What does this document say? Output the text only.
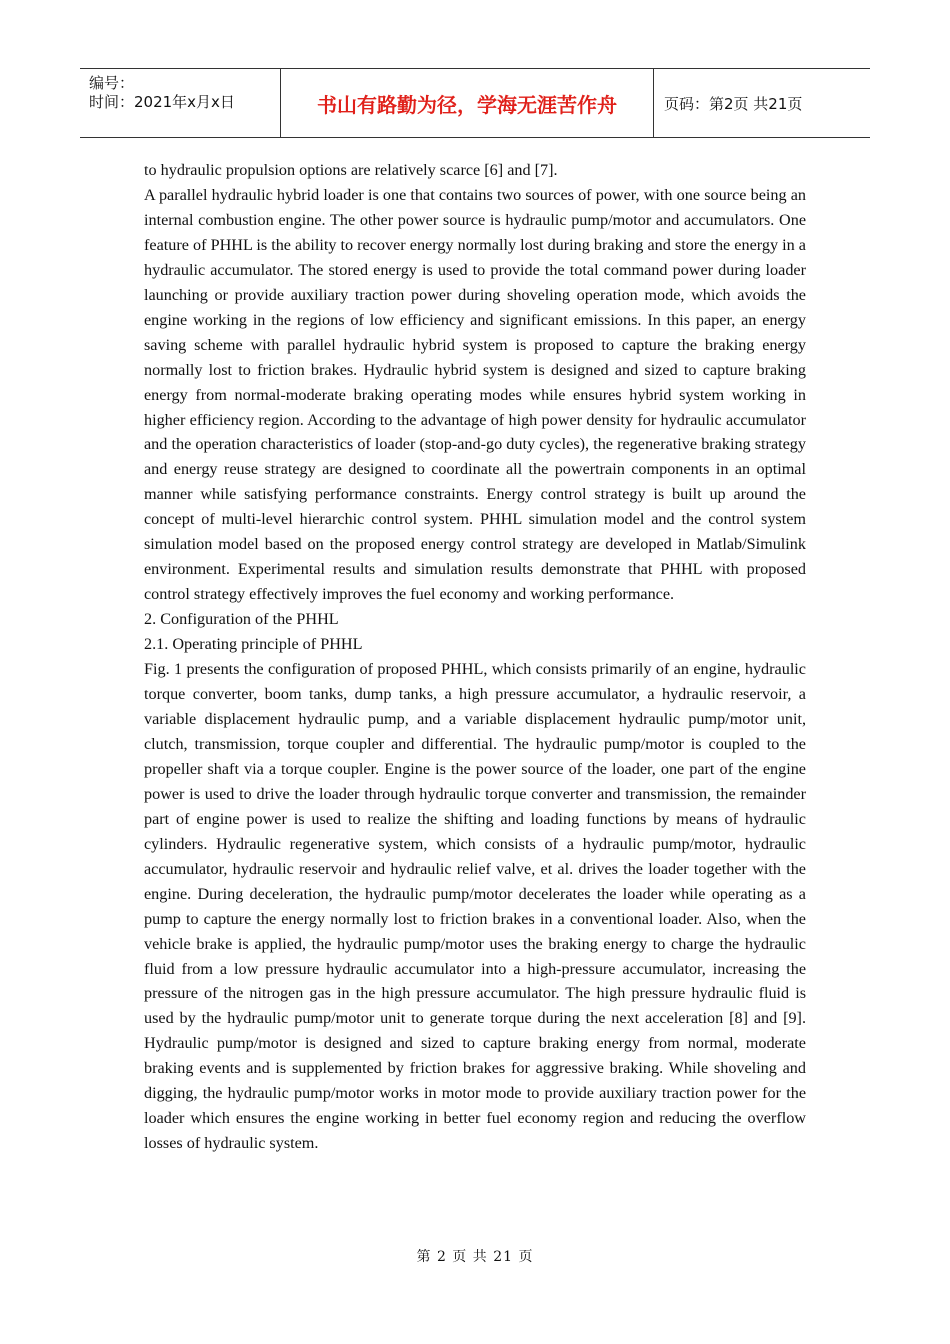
编号：
时间：2021年x月x日	书山有路勤为径，学海无涯苦作舟	页码：第2页 共21页

to hydraulic propulsion options are relatively scarce [6] and [7].

A parallel hydraulic hybrid loader is one that contains two sources of power, with one source being an internal combustion engine. The other power source is hydraulic pump/motor and accumulators. One feature of PHHL is the ability to recover energy normally lost during braking and store the energy in a hydraulic accumulator. The stored energy is used to provide the total command power during loader launching or provide auxiliary traction power during shoveling operation mode, which avoids the engine working in the regions of low efficiency and significant emissions. In this paper, an energy saving scheme with parallel hydraulic hybrid system is proposed to capture the braking energy normally lost to friction brakes. Hydraulic hybrid system is designed and sized to capture braking energy from normal-moderate braking operating modes while ensures hybrid system working in higher efficiency region. According to the advantage of high power density for hydraulic accumulator and the operation characteristics of loader (stop-and-go duty cycles), the regenerative braking strategy and energy reuse strategy are designed to coordinate all the powertrain components in an optimal manner while satisfying performance constraints. Energy control strategy is built up around the concept of multi-level hierarchic control system. PHHL simulation model and the control system simulation model based on the proposed energy control strategy are developed in Matlab/Simulink environment. Experimental results and simulation results demonstrate that PHHL with proposed control strategy effectively improves the fuel economy and working performance.

2. Configuration of the PHHL

2.1. Operating principle of PHHL

Fig. 1 presents the configuration of proposed PHHL, which consists primarily of an engine, hydraulic torque converter, boom tanks, dump tanks, a high pressure accumulator, a hydraulic reservoir, a variable displacement hydraulic pump, and a variable displacement hydraulic pump/motor unit, clutch, transmission, torque coupler and differential. The hydraulic pump/motor is coupled to the propeller shaft via a torque coupler. Engine is the power source of the loader, one part of the engine power is used to drive the loader through hydraulic torque converter and transmission, the remainder part of engine power is used to realize the shifting and loading functions by means of hydraulic cylinders. Hydraulic regenerative system, which consists of a hydraulic pump/motor, hydraulic accumulator, hydraulic reservoir and hydraulic relief valve, et al. drives the loader together with the engine. During deceleration, the hydraulic pump/motor decelerates the loader while operating as a pump to capture the energy normally lost to friction brakes in a conventional loader. Also, when the vehicle brake is applied, the hydraulic pump/motor uses the braking energy to charge the hydraulic fluid from a low pressure hydraulic accumulator into a high-pressure accumulator, increasing the pressure of the nitrogen gas in the high pressure accumulator. The high pressure hydraulic fluid is used by the hydraulic pump/motor unit to generate torque during the next acceleration [8] and [9]. Hydraulic pump/motor is designed and sized to capture braking energy from normal, moderate braking events and is supplemented by friction brakes for aggressive braking. While shoveling and digging, the hydraulic pump/motor works in motor mode to provide auxiliary traction power for the loader which ensures the engine working in better fuel economy region and reducing the overflow losses of hydraulic system.

第 2 页 共 21 页
